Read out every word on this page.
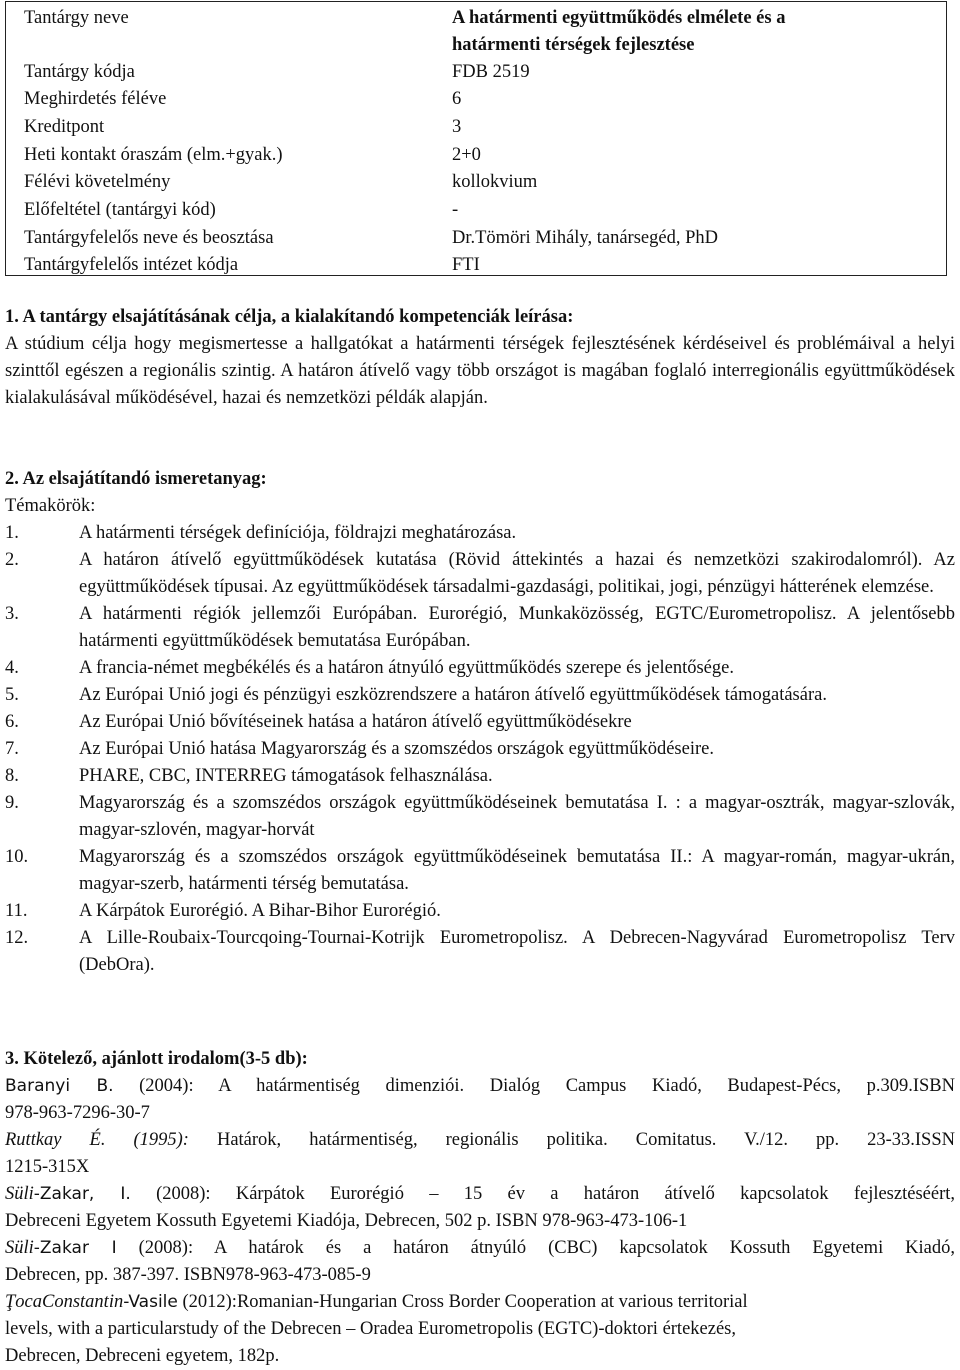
Tantárgy neve	A határmenti együttműködés elmélete és a határmenti térségek fejlesztése
Tantárgy kódja	FDB 2519
Meghirdetés féléve	6
Kreditpont	3
Heti kontakt óraszám (elm.+gyak.)	2+0
Félévi követelmény	kollokvium
Előfeltétel (tantárgyi kód)	-
Tantárgyfelelős neve és beosztása	Dr.Tömöri Mihály, tanársegéd, PhD
Tantárgyfelelős intézet kódja	FTI
1. A tantárgy elsajátításának célja, a kialakítandó kompetenciák leírása:
A stúdium célja hogy megismertesse a hallgatókat a határmenti térségek fejlesztésének kérdéseivel és problémáival a helyi szinttől egészen a regionális szintig. A határon átívelő vagy több országot is magában foglaló interregionális együttműködések kialakulásával működésével, hazai és nemzetközi példák alapján.
2. Az elsajátítandó ismeretanyag:
Témakörök:
1.	A határmenti térségek definíciója, földrajzi meghatározása.
2.	A határon átívelő együttműködések kutatása (Rövid áttekintés a hazai és nemzetközi szakirodalomról). Az együttműködések típusai. Az együttműködések társadalmi-gazdasági, politikai, jogi, pénzügyi hátterének elemzése.
3.	A határmenti régiók jellemzői Európában. Eurorégió, Munkaközösség, EGTC/Eurometropolisz. A jelentősebb határmenti együttműködések bemutatása Európában.
4.	A francia-német megbékélés és a határon átnyúló együttműködés szerepe és jelentősége.
5.	Az Európai Unió jogi és pénzügyi eszközrendszere a határon átívelő együttműködések támogatására.
6.	Az Európai Unió bővítéseinek hatása a határon átívelő együttműködésekre
7.	Az Európai Unió hatása Magyarország és a szomszédos országok együttműködéseire.
8.	PHARE, CBC, INTERREG támogatások felhasználása.
9.	Magyarország és a szomszédos országok együttműködéseinek bemutatása I. : a magyar-osztrák, magyar-szlovák, magyar-szlovén, magyar-horvát
10.	Magyarország és a szomszédos országok együttműködéseinek bemutatása II.: A magyar-román, magyar-ukrán, magyar-szerb, határmenti térség bemutatása.
11.	A Kárpátok Eurorégió. A Bihar-Bihor Eurorégió.
12.	A Lille-Roubaix-Tourcqoing-Tournai-Kotrijk Eurometropolisz. A Debrecen-Nagyvárad Eurometropolisz Terv (DebOra).
3. Kötelező, ajánlott irodalom(3-5 db):
Baranyi B. (2004): A határmentiség dimenziói. Dialóg Campus Kiadó, Budapest-Pécs, p.309.ISBN
978-963-7296-30-7
Ruttkay É. (1995): Határok, határmentiség, regionális politika. Comitatus. V./12. pp. 23-33.ISSN
1215-315X
Süli-Zakar, I. (2008): Kárpátok Eurorégió – 15 év a határon átívelő kapcsolatok fejlesztéséért,
Debreceni Egyetem Kossuth Egyetemi Kiadója, Debrecen, 502 p. ISBN 978-963-473-106-1
Süli-Zakar I (2008): A határok és a határon átnyúló (CBC) kapcsolatok Kossuth Egyetemi Kiadó,
Debrecen, pp. 387-397. ISBN978-963-473-085-9
ŢocaConstantin-Vasile (2012):Romanian-Hungarian Cross Border Cooperation at various territorial
levels, with a particularstudy of the Debrecen – Oradea Eurometropolis (EGTC)-doktori értekezés,
Debrecen, Debreceni egyetem, 182p.
